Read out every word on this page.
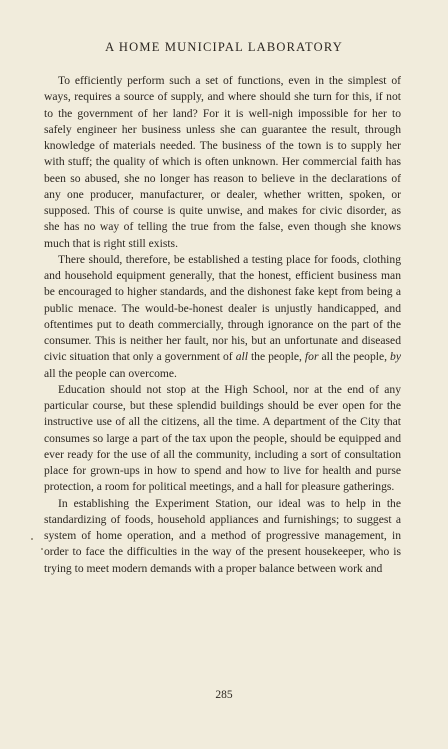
A HOME MUNICIPAL LABORATORY

To efficiently perform such a set of functions, even in the simplest of ways, requires a source of supply, and where should she turn for this, if not to the government of her land? For it is well-nigh impossible for her to safely engineer her business unless she can guarantee the result, through knowledge of materials needed. The business of the town is to supply her with stuff; the quality of which is often unknown. Her commercial faith has been so abused, she no longer has reason to believe in the declarations of any one producer, manufacturer, or dealer, whether written, spoken, or supposed. This of course is quite unwise, and makes for civic disorder, as she has no way of telling the true from the false, even though she knows much that is right still exists.

There should, therefore, be established a testing place for foods, clothing and household equipment generally, that the honest, efficient business man be encouraged to higher standards, and the dishonest fake kept from being a public menace. The would-be-honest dealer is unjustly handicapped, and oftentimes put to death commercially, through ignorance on the part of the consumer. This is neither her fault, nor his, but an unfortunate and diseased civic situation that only a government of all the people, for all the people, by all the people can overcome.

Education should not stop at the High School, nor at the end of any particular course, but these splendid buildings should be ever open for the instructive use of all the citizens, all the time. A department of the City that consumes so large a part of the tax upon the people, should be equipped and ever ready for the use of all the community, including a sort of consultation place for grown-ups in how to spend and how to live for health and purse protection, a room for political meetings, and a hall for pleasure gatherings.

In establishing the Experiment Station, our ideal was to help in the standardizing of foods, household appliances and furnishings; to suggest a system of home operation, and a method of progressive management, in order to face the difficulties in the way of the present housekeeper, who is trying to meet modern demands with a proper balance between work and

285
